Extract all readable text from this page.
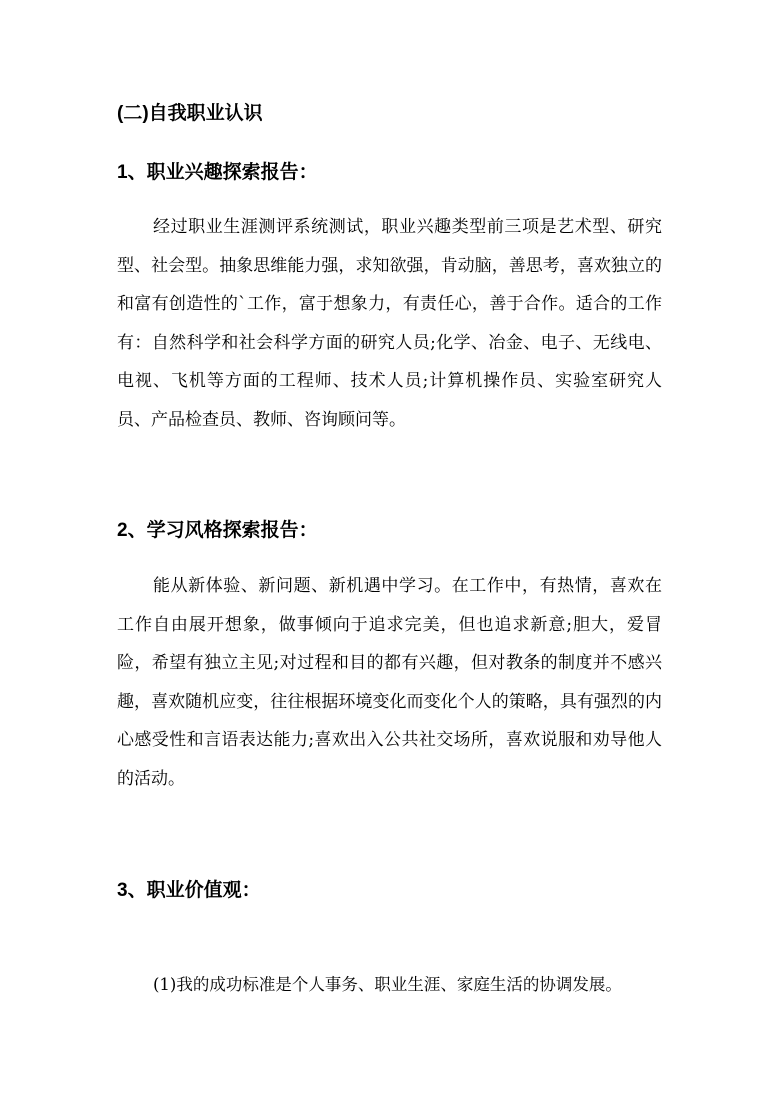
(二)自我职业认识
1、职业兴趣探索报告：

经过职业生涯测评系统测试，职业兴趣类型前三项是艺术型、研究型、社会型。抽象思维能力强，求知欲强，肯动脑，善思考，喜欢独立的和富有创造性的`工作，富于想象力，有责任心，善于合作。适合的工作有：自然科学和社会科学方面的研究人员;化学、冶金、电子、无线电、电视、飞机等方面的工程师、技术人员;计算机操作员、实验室研究人员、产品检查员、教师、咨询顾问等。

2、学习风格探索报告：

能从新体验、新问题、新机遇中学习。在工作中，有热情，喜欢在工作自由展开想象，做事倾向于追求完美，但也追求新意;胆大，爱冒险，希望有独立主见;对过程和目的都有兴趣，但对教条的制度并不感兴趣，喜欢随机应变，往往根据环境变化而变化个人的策略，具有强烈的内心感受性和言语表达能力;喜欢出入公共社交场所，喜欢说服和劝导他人的活动。

3、职业价值观：

(1)我的成功标准是个人事务、职业生涯、家庭生活的协调发展。
